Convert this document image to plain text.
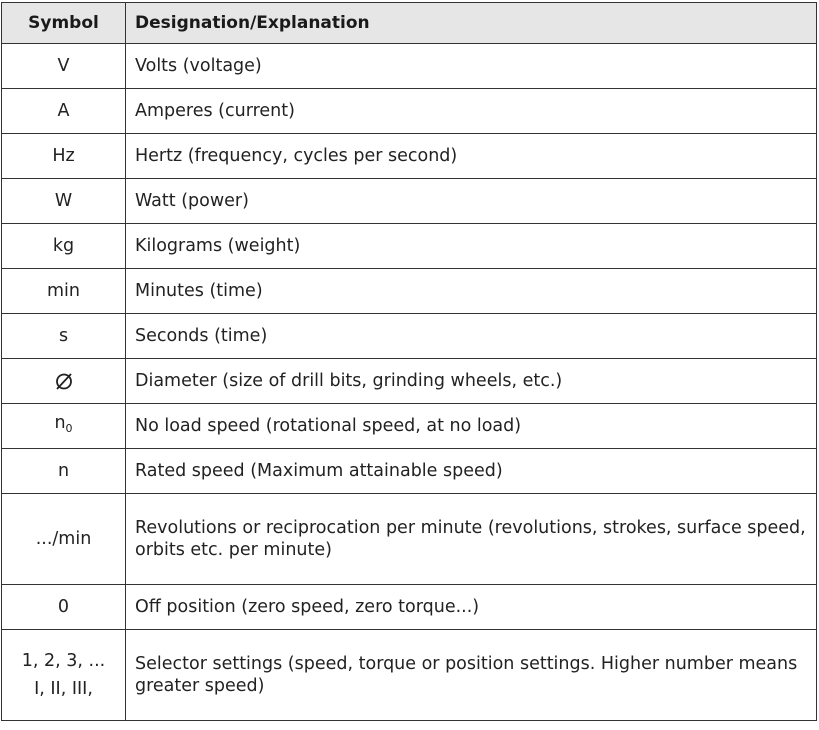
Symbol	Designation/Explanation
V	Volts (voltage)
A	Amperes (current)
Hz	Hertz (frequency, cycles per second)
W	Watt (power)
kg	Kilograms (weight)
min	Minutes (time)
s	Seconds (time)
	Diameter (size of drill bits, grinding wheels, etc.)
$n_0$	No load speed (rotational speed, at no load)
n	Rated speed (Maximum attainable speed)
.../min	Revolutions or reciprocation per minute (revolutions, strokes, surface speed, orbits etc. per minute)
0	Off position (zero speed, zero torque...)

1, 2, 3, ...
I, II, III,	Selector settings (speed, torque or position settings. Higher number means greater speed)
